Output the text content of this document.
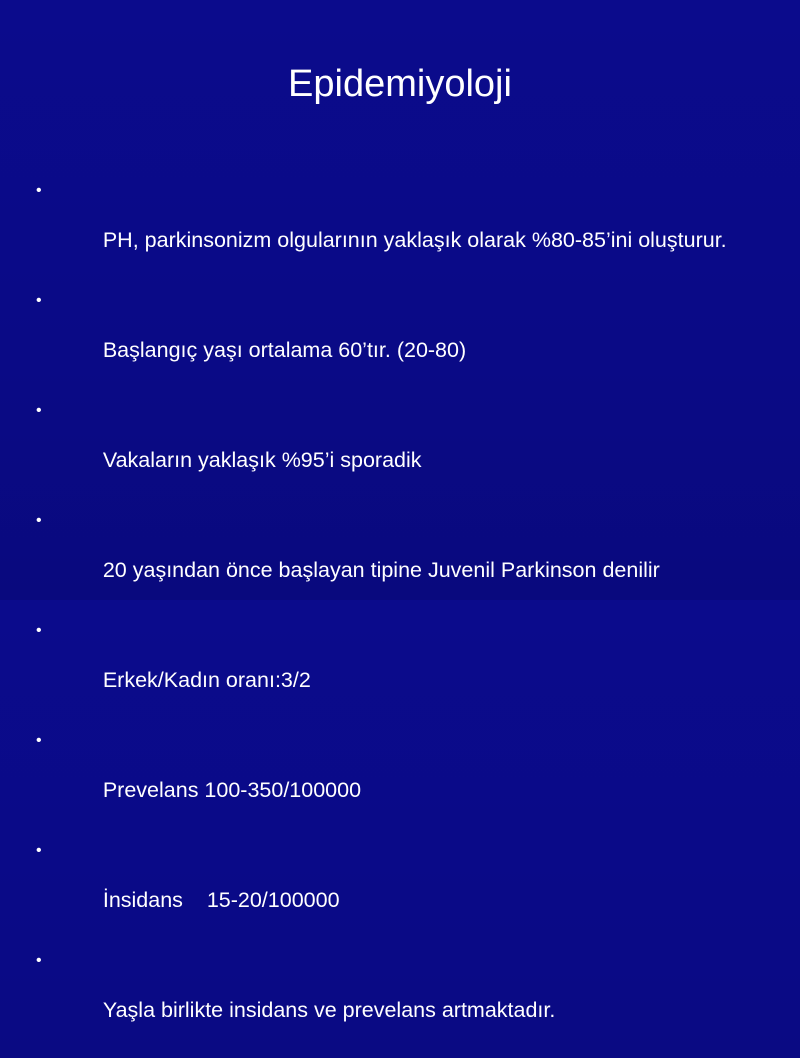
Epidemiyoloji

•

PH, parkinsonizm olgularının yaklaşık olarak %80-85’ini oluşturur.

•

Başlangıç yaşı ortalama 60’tır. (20-80)

•

Vakaların yaklaşık %95’i sporadik

•

20 yaşından önce başlayan tipine Juvenil Parkinson denilir

•

Erkek/Kadın oranı:3/2

•

Prevelans 100-350/100000

•

İnsidans    15-20/100000

•

Yaşla birlikte insidans ve prevelans artmaktadır.
